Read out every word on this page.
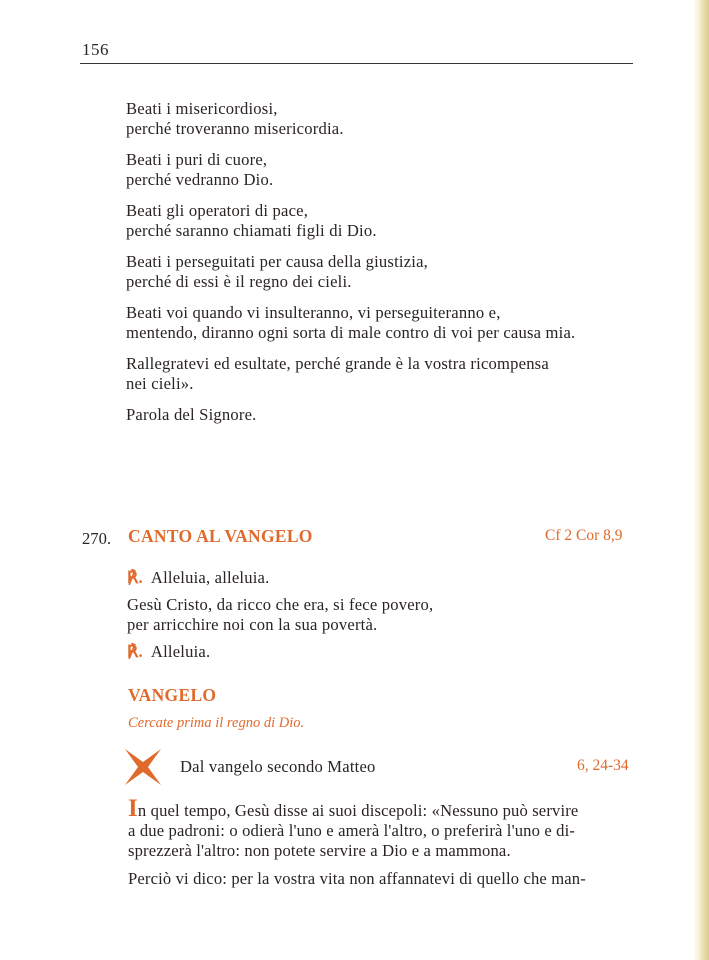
156

Beati i misericordiosi,
perché troveranno misericordia.

Beati i puri di cuore,
perché vedranno Dio.

Beati gli operatori di pace,
perché saranno chiamati figli di Dio.

Beati i perseguitati per causa della giustizia,
perché di essi è il regno dei cieli.

Beati voi quando vi insulteranno, vi perseguiteranno e,
mentendo, diranno ogni sorta di male contro di voi per causa mia.

Rallegratevi ed esultate, perché grande è la vostra ricompensa
nei cieli».

Parola del Signore.
270. CANTO AL VANGELO	Cf 2 Cor 8,9
℟. Alleluia, alleluia.
Gesù Cristo, da ricco che era, si fece povero,
per arricchire noi con la sua povertà.
℟. Alleluia.
VANGELO
Cercate prima il regno di Dio.
Dal vangelo secondo Matteo	6, 24-34
In quel tempo, Gesù disse ai suoi discepoli: «Nessuno può servire
a due padroni: o odierà l'uno e amerà l'altro, o preferirà l'uno e di-
sprezzerà l'altro: non potete servire a Dio e a mammona.
Perciò vi dico: per la vostra vita non affannatevi di quello che man-
